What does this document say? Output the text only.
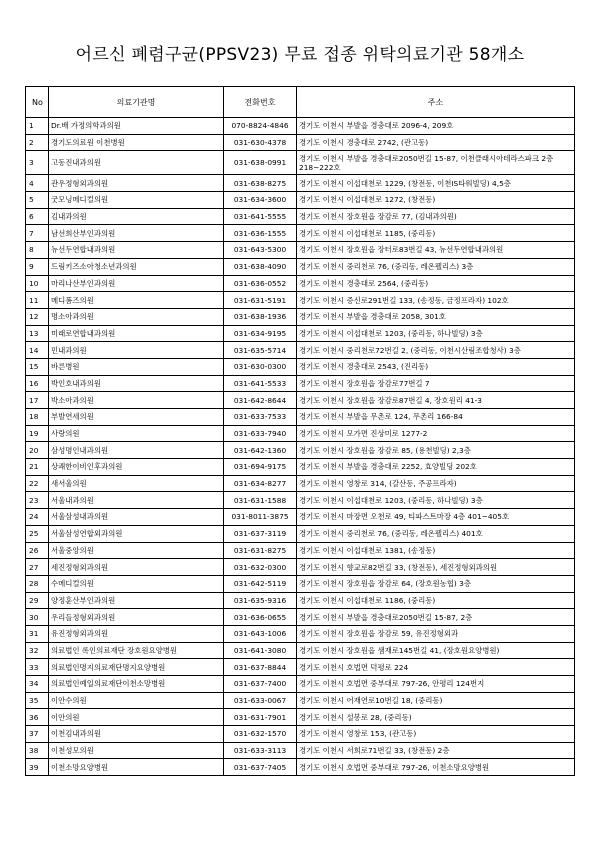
어르신 폐렴구균(PPSV23) 무료 접종 위탁의료기관 58개소
No	의료기관명	전화번호	주소
1	Dr.배 가정의학과의원	070-8824-4846	경기도 이천시 부발읍 경충대로 2096-4, 209호
2	경기도의료원 이천병원	031-630-4378	경기도 이천시 경충대로 2742, (관고동)
3	고동진내과의원	031-638-0991	경기도 이천시 부발읍 경충대로2050번길 15-87, 이천클래시아테라스파크 2층 218~222호
4	관우정형외과의원	031-638-8275	경기도 이천시 이섭대천로 1229, (창전동, 이천IS타워빌딩) 4,5층
5	굿모닝메디컬의원	031-634-3600	경기도 이천시 이섭대천로 1272, (창전동)
6	김내과의원	031-641-5555	경기도 이천시 장호원읍 장감로 77, (김내과의원)
7	남선희산부인과의원	031-636-1555	경기도 이천시 이섭대천로 1185, (중리동)
8	뉴선두연합내과의원	031-643-5300	경기도 이천시 장호원읍 장터로83번길 43, 뉴선두연합내과의원
9	드림키즈소아청소년과의원	031-638-4090	경기도 이천시 중리천로 76, (중리동, 레온펠리스) 3층
10	마리나산부인과의원	031-636-0552	경기도 이천시 경충대로 2564, (중리동)
11	메디폼즈의원	031-631-5191	경기도 이천시 증신로291번길 133, (송정동, 금정프라자) 102호
12	명소아과의원	031-638-1936	경기도 이천시 부발읍 경충대로 2058, 301호
13	미래로연합내과의원	031-634-9195	경기도 이천시 이섭대천로 1203, (중리동, 하나빌딩) 3층
14	민내과의원	031-635-5714	경기도 이천시 중리천로72번길 2, (중리동, 이천시산림조합청사) 3층
15	바른병원	031-630-0300	경기도 이천시 경충대로 2543, (진리동)
16	박인호내과의원	031-641-5533	경기도 이천시 장호원읍 장감로77번길 7
17	박소아과의원	031-642-8644	경기도 이천시 장호원읍 장감로87번길 4, 장호원리 41-3
18	부발연세의원	031-633-7533	경기도 이천시 부발읍 무촌로 124, 무촌리 166-84
19	사랑의원	031-633-7940	경기도 이천시 모가면 진상미로 1277-2
20	삼성명인내과의원	031-642-1360	경기도 이천시 장호원읍 장감로 85, (용천빌딩) 2,3층
21	상쾌한이비인후과의원	031-694-9175	경기도 이천시 부발읍 경충대로 2252, 효양빌딩 202호
22	새서울의원	031-634-8277	경기도 이천시 영창로 314, (갈산동, 주공프라자)
23	서울내과의원	031-631-1588	경기도 이천시 이섭대천로 1203, (중리동, 하나빌딩) 3층
24	서울삼성내과의원	031-8011-3875	경기도 이천시 마장면 오천로 49, 티파스트마장 4층 401~405호
25	서울삼성연합외과의원	031-637-3119	경기도 이천시 중리천로 76, (중리동, 레온펠리스) 401호
26	서울중앙의원	031-631-8275	경기도 이천시 이섭대천로 1381, (송정동)
27	세진정형외과의원	031-632-0300	경기도 이천시 향교로82번길 33, (창전동), 세진정형외과의원
28	수메디컬의원	031-642-5119	경기도 이천시 장호원읍 장감로 64, (장호원농협) 3층
29	양정훈산부인과의원	031-635-9316	경기도 이천시 이섭대천로 1186, (중리동)
30	우리들정형외과의원	031-636-0655	경기도 이천시 부발읍 경충대로2050번길 15-87, 2층
31	유진정형외과의원	031-643-1006	경기도 이천시 장호원읍 장감로 59, 유진정형외과
32	의료법인 록인의료재단 장호원요양병원	031-641-3080	경기도 이천시 장호원읍 샘재로145번길 41, (장호원요양병원)
33	의료법인명지의료재단명지요양병원	031-637-8844	경기도 이천시 호법면 덕평로 224
34	의료법인예일의료재단이천소망병원	031-637-7400	경기도 이천시 호법면 중부대로 797-26, 안평리 124번지
35	이안수의원	031-633-0067	경기도 이천시 어재연로10번길 18, (중리동)
36	이안의원	031-631-7901	경기도 이천시 설봉로 28, (중리동)
37	이천김내과의원	031-632-1570	경기도 이천시 영창로 153, (관고동)
38	이천성모의원	031-633-3113	경기도 이천시 서희로71번길 33, (창전동) 2층
39	이천소망요양병원	031-637-7405	경기도 이천시 호법면 중부대로 797-26, 이천소망요양병원
